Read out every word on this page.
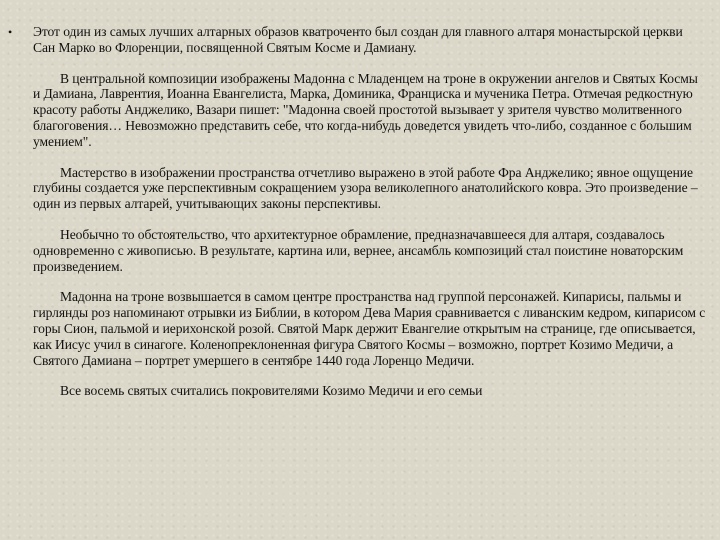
• Этот один из самых лучших алтарных образов кватроченто был создан для главного алтаря монастырской церкви Сан Марко во Флоренции, посвященной Святым Косме и Дамиану.

В центральной композиции изображены Мадонна с Младенцем на троне в окружении ангелов и Святых Космы и Дамиана, Лаврентия, Иоанна Евангелиста, Марка, Доминика, Франциска и мученика Петра. Отмечая редкостную красоту работы Анджелико, Вазари пишет: "Мадонна своей простотой вызывает у зрителя чувство молитвенного благоговения… Невозможно представить себе, что когда-нибудь доведется увидеть что-либо, созданное с большим умением".

Мастерство в изображении пространства отчетливо выражено в этой работе Фра Анджелико; явное ощущение глубины создается уже перспективным сокращением узора великолепного анатолийского ковра. Это произведение – один из первых алтарей, учитывающих законы перспективы.

Необычно то обстоятельство, что архитектурное обрамление, предназначавшееся для алтаря, создавалось одновременно с живописью. В результате, картина или, вернее, ансамбль композиций стал поистине новаторским произведением.

Мадонна на троне возвышается в самом центре пространства над группой персонажей. Кипарисы, пальмы и гирлянды роз напоминают отрывки из Библии, в котором Дева Мария сравнивается с ливанским кедром, кипарисом с горы Сион, пальмой и иерихонской розой. Святой Марк держит Евангелие открытым на странице, где описывается, как Иисус учил в синагоге. Коленопреклоненная фигура Святого Космы – возможно, портрет Козимо Медичи, а Святого Дамиана – портрет умершего в сентябре 1440 года Лоренцо Медичи.

Все восемь святых считались покровителями Козимо Медичи и его семьи
